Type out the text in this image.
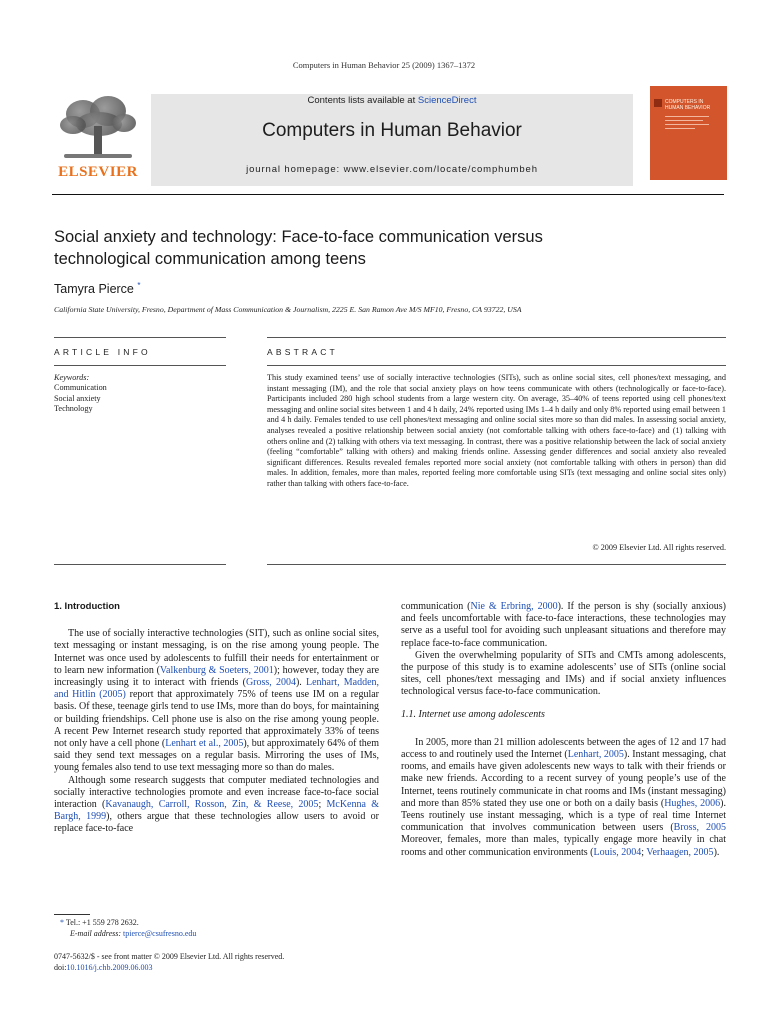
Computers in Human Behavior 25 (2009) 1367–1372
ELSEVIER
Contents lists available at ScienceDirect
Computers in Human Behavior
journal homepage: www.elsevier.com/locate/comphumbeh
COMPUTERS IN HUMAN BEHAVIOR
Social anxiety and technology: Face-to-face communication versus
technological communication among teens
Tamyra Pierce *
California State University, Fresno, Department of Mass Communication & Journalism, 2225 E. San Ramon Ave M/S MF10, Fresno, CA 93722, USA
ARTICLE INFO
Keywords:
Communication
Social anxiety
Technology
ABSTRACT
This study examined teens’ use of socially interactive technologies (SITs), such as online social sites, cell phones/text messaging, and instant messaging (IM), and the role that social anxiety plays on how teens communicate with others (technologically or face-to-face). Participants included 280 high school students from a large western city. On average, 35–40% of teens reported using cell phones/text messaging and online social sites between 1 and 4 h daily, 24% reported using IMs 1–4 h daily and only 8% reported using email between 1 and 4 h daily. Females tended to use cell phones/text messaging and online social sites more so than did males. In assessing social anxiety, analyses revealed a positive relationship between social anxiety (not comfortable talking with others face-to-face) and (1) talking with others online and (2) talking with others via text messaging. In contrast, there was a positive relationship between the lack of social anxiety (feeling “comfortable” talking with others) and making friends online. Assessing gender differences and social anxiety also revealed significant differences. Results revealed females reported more social anxiety (not comfortable talking with others in person) than did males. In addition, females, more than males, reported feeling more comfortable using SITs (text messaging and online social sites only) rather than talking with others face-to-face.
© 2009 Elsevier Ltd. All rights reserved.
1. Introduction

The use of socially interactive technologies (SIT), such as online social sites, text messaging or instant messaging, is on the rise among young people. The Internet was once used by adolescents to fulfill their needs for entertainment or to learn new information (Valkenburg & Soeters, 2001); however, today they are increasingly using it to interact with friends (Gross, 2004). Lenhart, Madden, and Hitlin (2005) report that approximately 75% of teens use IM on a regular basis. Of these, teenage girls tend to use IMs, more than do boys, for maintaining or building friendships. Cell phone use is also on the rise among young people. A recent Pew Internet research study reported that approximately 33% of teens not only have a cell phone (Lenhart et al., 2005), but approximately 64% of them said they send text messages on a regular basis. Mirroring the uses of IMs, young females also tend to use text messaging more so than do males.

Although some research suggests that computer mediated technologies and socially interactive technologies promote and even increase face-to-face social interaction (Kavanaugh, Carroll, Rosson, Zin, & Reese, 2005; McKenna & Bargh, 1999), others argue that these technologies allow users to avoid or replace face-to-face

communication (Nie & Erbring, 2000). If the person is shy (socially anxious) and feels uncomfortable with face-to-face interactions, these technologies may serve as a useful tool for avoiding such unpleasant situations and therefore may replace face-to-face communication.

Given the overwhelming popularity of SITs and CMTs among adolescents, the purpose of this study is to examine adolescents’ use of SITs (online social sites, cell phones/text messaging and IMs) and if social anxiety influences technological versus face-to-face communication.

1.1. Internet use among adolescents

In 2005, more than 21 million adolescents between the ages of 12 and 17 had access to and routinely used the Internet (Lenhart, 2005). Instant messaging, chat rooms, and emails have given adolescents new ways to talk with their friends or make new friends. According to a recent survey of young people’s use of the Internet, teens routinely communicate in chat rooms and IMs (instant messaging) and more than 85% stated they use one or both on a daily basis (Hughes, 2006). Teens routinely use instant messaging, which is a type of real time Internet communication that involves communication between users (Bross, 2005 Moreover, females, more than males, typically engage more heavily in chat rooms and other communication environments (Louis, 2004; Verhaagen, 2005).

* Tel.: +1 559 278 2632.
E-mail address: tpierce@csufresno.edu
0747-5632/$ - see front matter © 2009 Elsevier Ltd. All rights reserved.
doi:10.1016/j.chb.2009.06.003
